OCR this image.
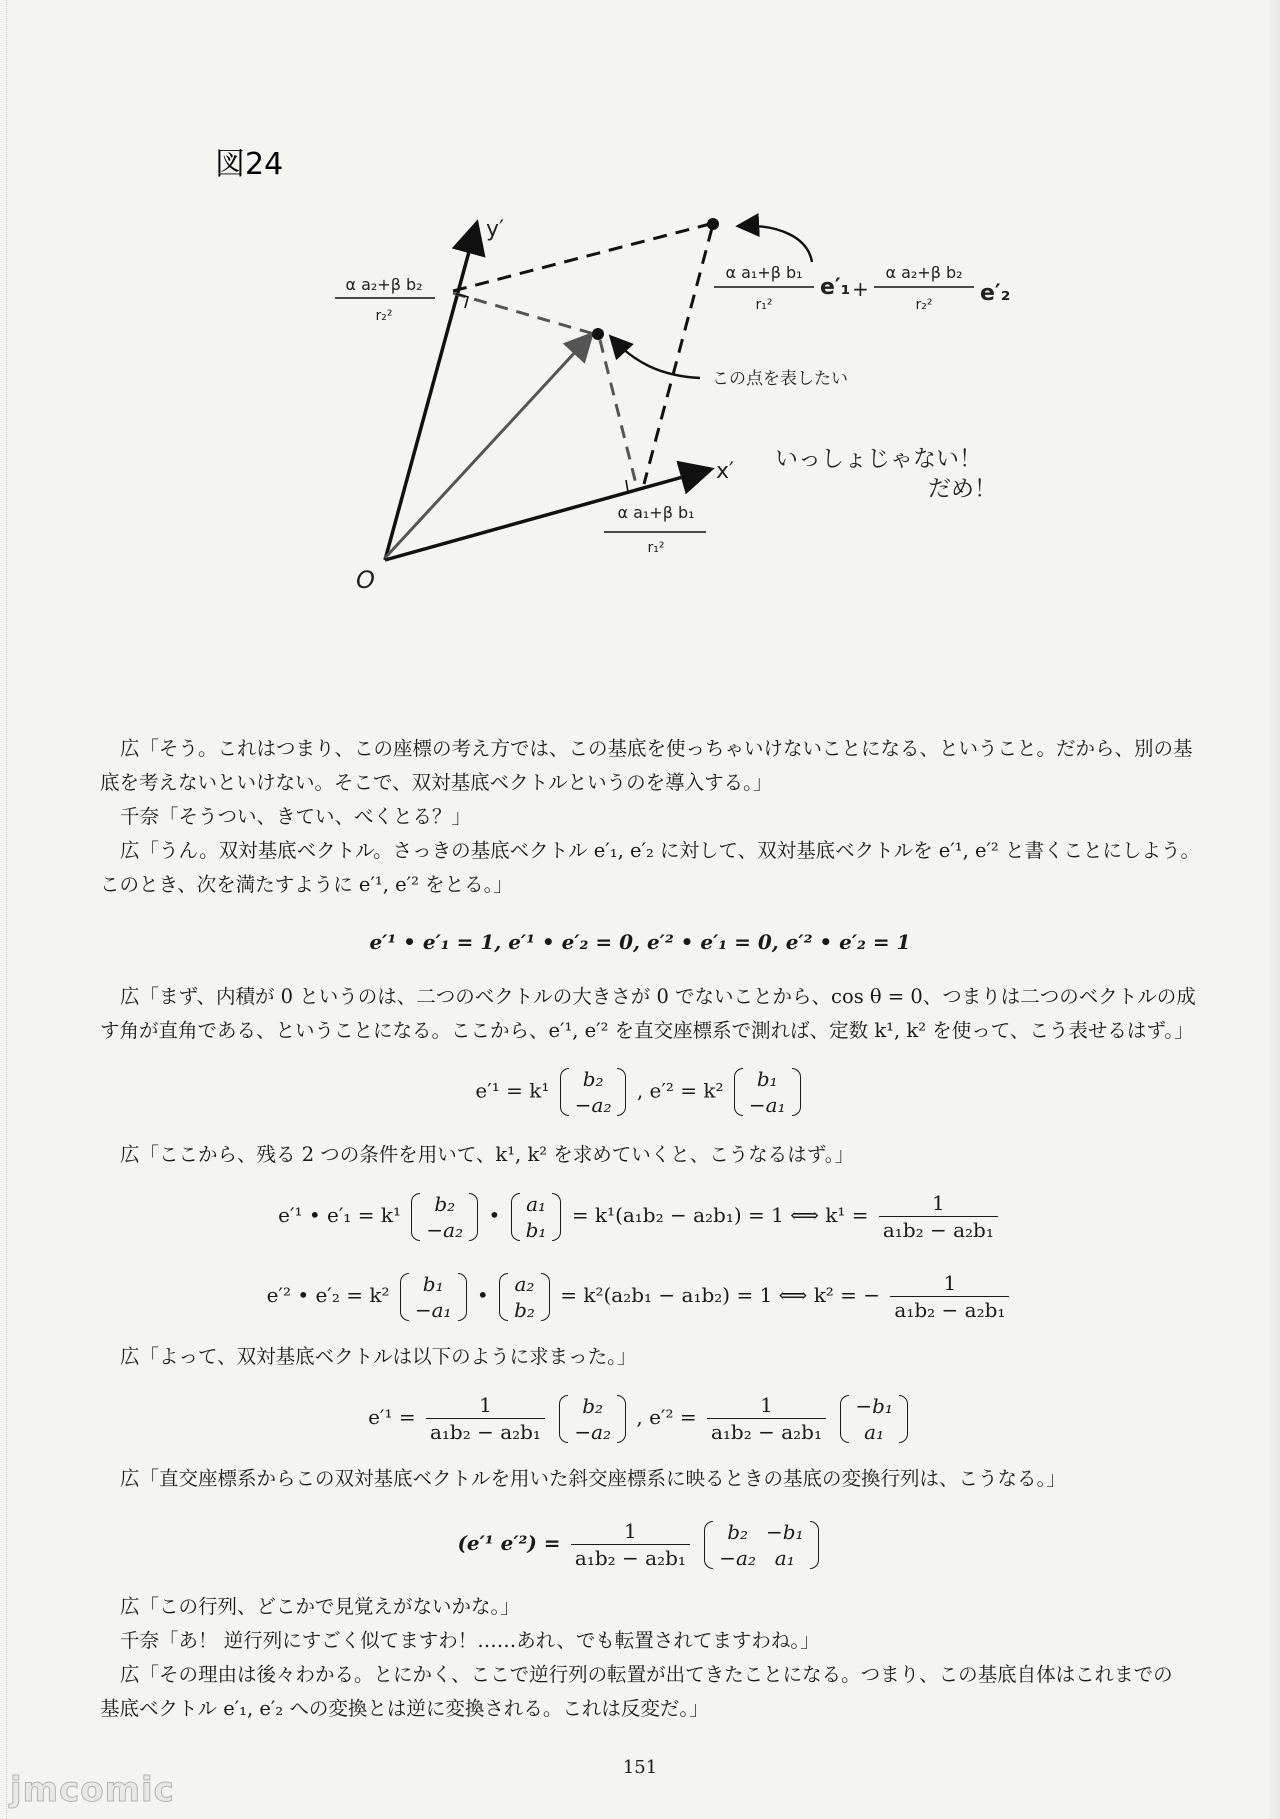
図24
y′
x′
O
α a₂+β b₂
r₂²
α a₁+β b₁
r₁²
α a₁+β b₁
r₁²
e′₁ +
α a₂+β b₂
r₂² e′₂
この点を表したい
いっしょじゃない！
だめ！
広「そう。これはつまり、この座標の考え方では、この基底を使っちゃいけないことになる、ということ。だから、別の基
底を考えないといけない。そこで、双対基底ベクトルというのを導入する。」
千奈「そうつい、きてい、べくとる？」
広「うん。双対基底ベクトル。さっきの基底ベクトル e′₁, e′₂ に対して、双対基底ベクトルを e′¹, e′² と書くことにしよう。
このとき、次を満たすように e′¹, e′² をとる。」
e′¹ • e′₁ = 1, e′¹ • e′₂ = 0, e′² • e′₁ = 0, e′² • e′₂ = 1
広「まず、内積が 0 というのは、二つのベクトルの大きさが 0 でないことから、cos θ = 0、つまりは二つのベクトルの成
す角が直角である、ということになる。ここから、e′¹, e′² を直交座標系で測れば、定数 k¹, k² を使って、こう表せるはず。」
e′¹ = k¹ b₂
−a₂
, e′² = k² b₁
−a₁
広「ここから、残る 2 つの条件を用いて、k¹, k² を求めていくと、こうなるはず。」
e′¹ • e′₁ = k¹ b₂
−a₂
• a₁
b₁
= k¹(a₁b₂ − a₂b₁) = 1 ⟺ $k^1 = \frac{1}{\text{a₁b₂ − a₂b₁}}$
e′² • e′₂ = k² b₁
−a₁
• a₂
b₂
= k²(a₂b₁ − a₁b₂) = 1 ⟺ k² = − $\frac{1}{\text{a₁b₂ − a₂b₁}}$
広「よって、双対基底ベクトルは以下のように求まった。」
$e'^1 = \frac{1}{\text{a₁b₂ − a₂b₁}}$
b₂
−a₂
, $e'^2 = \frac{1}{\text{a₁b₂ − a₂b₁}}$
−b₁
a₁
広「直交座標系からこの双対基底ベクトルを用いた斜交座標系に映るときの基底の変換行列は、こうなる。」
(e′¹ $e'^2) = \frac{1}{\text{a₁b₂ − a₂b₁}}$
b₂	−b₁
−a₂	a₁
広「この行列、どこかで見覚えがないかな。」
千奈「あ！ 逆行列にすごく似てますわ！……あれ、でも転置されてますわね。」
広「その理由は後々わかる。とにかく、ここで逆行列の転置が出てきたことになる。つまり、この基底自体はこれまでの
基底ベクトル e′₁, e′₂ への変換とは逆に変換される。これは反変だ。」
151
jmcomic
